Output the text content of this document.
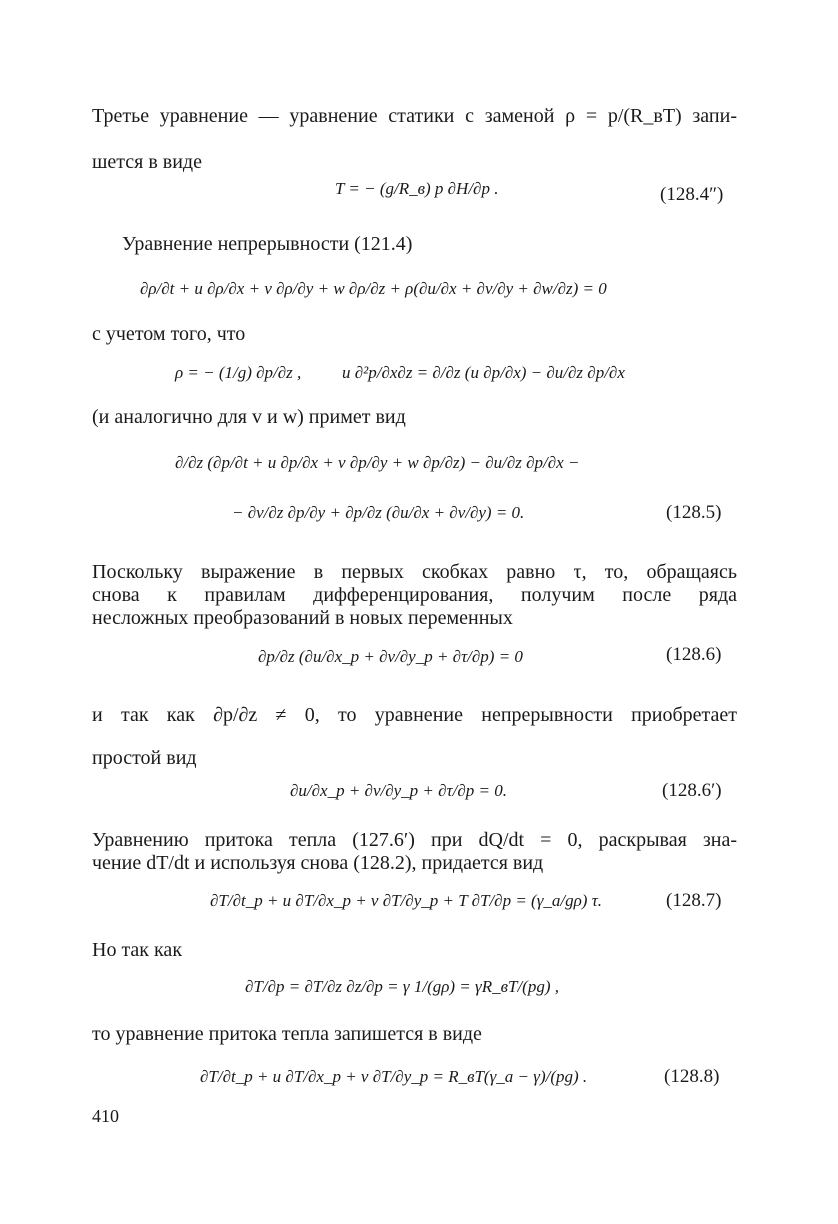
Третье уравнение — уравнение статики с заменой ρ = p/(R_вT) запи-
шется в виде
T = − (g/R_в) p ∂H/∂p .	(128.4″)
Уравнение непрерывности (121.4)
∂ρ/∂t + u ∂ρ/∂x + v ∂ρ/∂y + w ∂ρ/∂z + ρ(∂u/∂x + ∂v/∂y + ∂w/∂z) = 0
с учетом того, что
ρ = − (1/g) ∂p/∂z , u ∂²p/∂x∂z = ∂/∂z (u ∂p/∂x) − ∂u/∂z ∂p/∂x
(и аналогично для v и w) примет вид
∂/∂z (∂p/∂t + u ∂p/∂x + v ∂p/∂y + w ∂p/∂z) − ∂u/∂z ∂p/∂x −
− ∂v/∂z ∂p/∂y + ∂p/∂z (∂u/∂x + ∂v/∂y) = 0.	(128.5)
Поскольку выражение в первых скобках равно τ, то, обращаясь
снова к правилам дифференцирования, получим после ряда
несложных преобразований в новых переменных
∂p/∂z (∂u/∂x_p + ∂v/∂y_p + ∂τ/∂p) = 0	(128.6)
и так как ∂p/∂z ≠ 0, то уравнение непрерывности приобретает
простой вид
∂u/∂x_p + ∂v/∂y_p + ∂τ/∂p = 0.	(128.6′)
Уравнению притока тепла (127.6′) при dQ/dt = 0, раскрывая зна-
чение dT/dt и используя снова (128.2), придается вид
∂T/∂t_p + u ∂T/∂x_p + v ∂T/∂y_p + T ∂T/∂p = (γ_a/gρ) τ.	(128.7)
Но так как
∂T/∂p = ∂T/∂z ∂z/∂p = γ 1/(gρ) = γR_вT/(pg) ,
то уравнение притока тепла запишется в виде
∂T/∂t_p + u ∂T/∂x_p + v ∂T/∂y_p = R_вT(γ_a − γ)/(pg) .	(128.8)
410
